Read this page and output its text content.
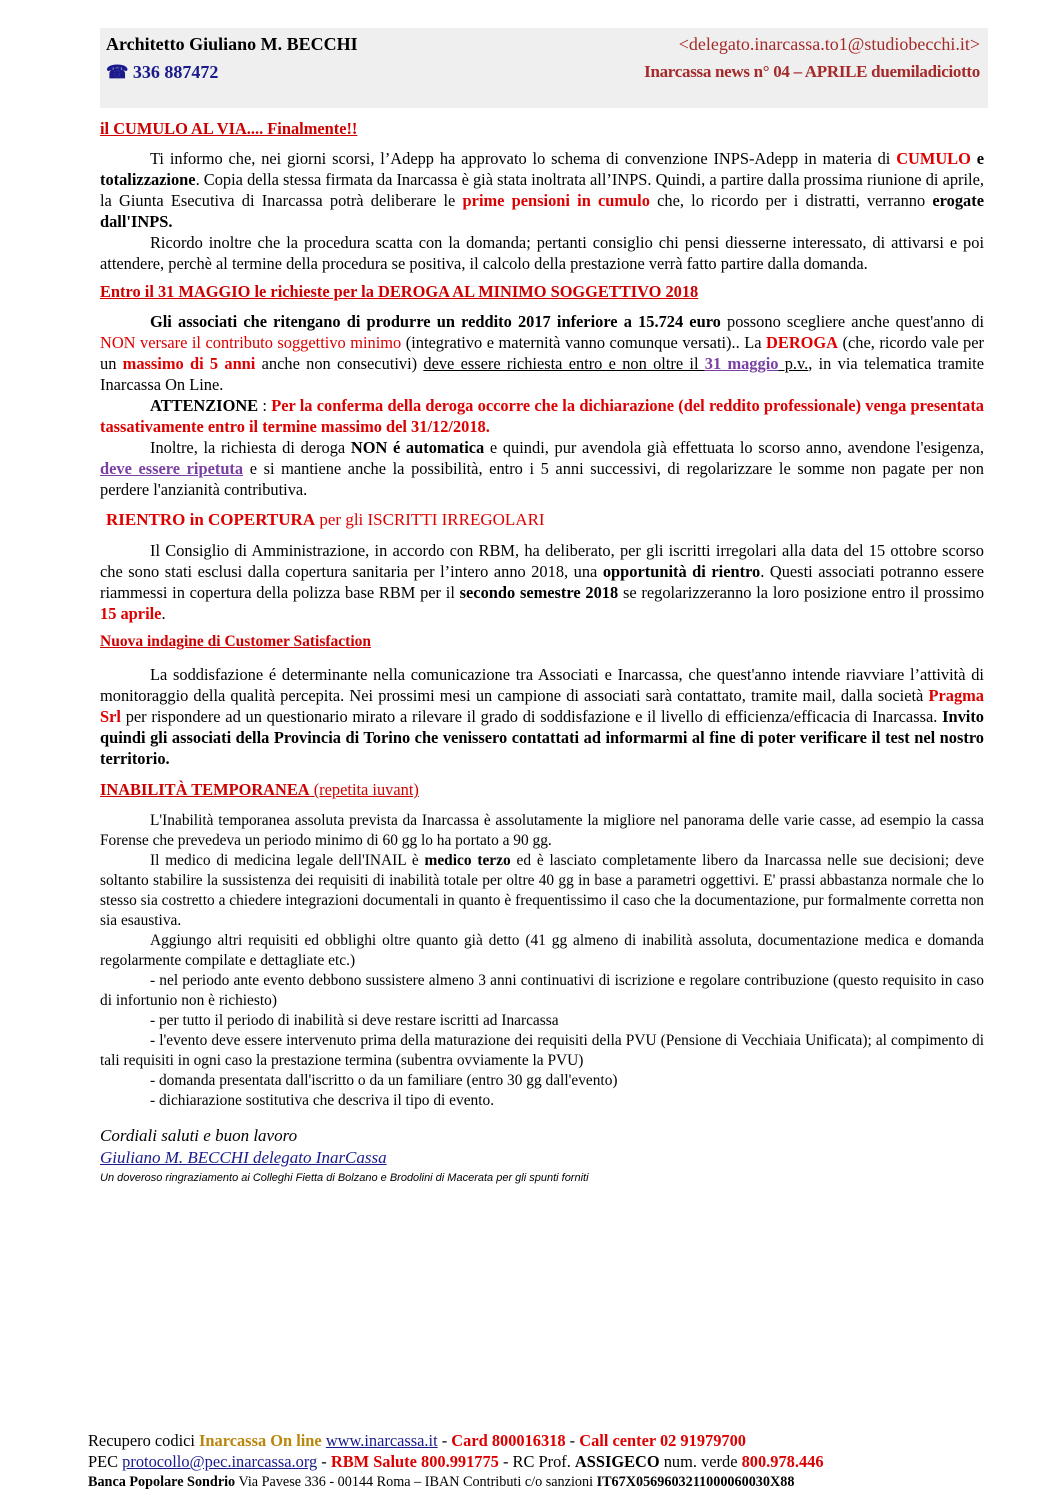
Architetto Giuliano M. BECCHI
☎ 336 887472
<delegato.inarcassa.to1@studiobecchi.it>
Inarcassa news n° 04 – APRILE duemiladiciotto

il CUMULO AL VIA.... Finalmente!!

Ti informo che, nei giorni scorsi, l’Adepp ha approvato lo schema di convenzione INPS-Adepp in materia di CUMULO e totalizzazione. Copia della stessa firmata da Inarcassa è già stata inoltrata all’INPS. Quindi, a partire dalla prossima riunione di aprile, la Giunta Esecutiva di Inarcassa potrà deliberare le prime pensioni in cumulo che, lo ricordo per i distratti, verranno erogate dall'INPS.

Ricordo inoltre che la procedura scatta con la domanda; pertanti consiglio chi pensi diesserne interessato, di attivarsi e poi attendere, perchè al termine della procedura se positiva, il calcolo della prestazione verrà fatto partire dalla domanda.

Entro il 31 MAGGIO le richieste per la DEROGA AL MINIMO SOGGETTIVO 2018

Gli associati che ritengano di produrre un reddito 2017 inferiore a 15.724 euro possono scegliere anche quest'anno di NON versare il contributo soggettivo minimo (integrativo e maternità vanno comunque versati).. La DEROGA (che, ricordo vale per un massimo di 5 anni anche non consecutivi) deve essere richiesta entro e non oltre il 31 maggio p.v., in via telematica tramite Inarcassa On Line.

ATTENZIONE : Per la conferma della deroga occorre che la dichiarazione (del reddito professionale) venga presentata tassativamente entro il termine massimo del 31/12/2018.

Inoltre, la richiesta di deroga NON é automatica e quindi, pur avendola già effettuata lo scorso anno, avendone l'esigenza, deve essere ripetuta e si mantiene anche la possibilità, entro i 5 anni successivi, di regolarizzare le somme non pagate per non perdere l'anzianità contributiva.

RIENTRO in COPERTURA per gli ISCRITTI IRREGOLARI

Il Consiglio di Amministrazione, in accordo con RBM, ha deliberato, per gli iscritti irregolari alla data del 15 ottobre scorso che sono stati esclusi dalla copertura sanitaria per l’intero anno 2018, una opportunità di rientro. Questi associati potranno essere riammessi in copertura della polizza base RBM per il secondo semestre 2018 se regolarizzeranno la loro posizione entro il prossimo 15 aprile.

Nuova indagine di Customer Satisfaction

La soddisfazione é determinante nella comunicazione tra Associati e Inarcassa, che quest'anno intende riavviare l’attività di monitoraggio della qualità percepita. Nei prossimi mesi un campione di associati sarà contattato, tramite mail, dalla società Pragma Srl per rispondere ad un questionario mirato a rilevare il grado di soddisfazione e il livello di efficienza/efficacia di Inarcassa. Invito quindi gli associati della Provincia di Torino che venissero contattati ad informarmi al fine di poter verificare il test nel nostro territorio.

INABILITÀ TEMPORANEA (repetita iuvant)

L'Inabilità temporanea assoluta prevista da Inarcassa è assolutamente la migliore nel panorama delle varie casse, ad esempio la cassa Forense che prevedeva un periodo minimo di 60 gg lo ha portato a 90 gg.

Il medico di medicina legale dell'INAIL è medico terzo ed è lasciato completamente libero da Inarcassa nelle sue decisioni; deve soltanto stabilire la sussistenza dei requisiti di inabilità totale per oltre 40 gg in base a parametri oggettivi. E' prassi abbastanza normale che lo stesso sia costretto a chiedere integrazioni documentali in quanto è frequentissimo il caso che la documentazione, pur formalmente corretta non sia esaustiva.

Aggiungo altri requisiti ed obblighi oltre quanto già detto (41 gg almeno di inabilità assoluta, documentazione medica e domanda regolarmente compilate e dettagliate etc.)

- nel periodo ante evento debbono sussistere almeno 3 anni continuativi di iscrizione e regolare contribuzione (questo requisito in caso di infortunio non è richiesto)

- per tutto il periodo di inabilità si deve restare iscritti ad Inarcassa

- l'evento deve essere intervenuto prima della maturazione dei requisiti della PVU (Pensione di Vecchiaia Unificata); al compimento di tali requisiti in ogni caso la prestazione termina (subentra ovviamente la PVU)

- domanda presentata dall'iscritto o da un familiare (entro 30 gg dall'evento)

- dichiarazione sostitutiva che descriva il tipo di evento.

Cordiali saluti e buon lavoro

Giuliano M. BECCHI delegato InarCassa

Un doveroso ringraziamento ai Colleghi Fietta di Bolzano e Brodolini di Macerata per gli spunti forniti

Recupero codici Inarcassa On line www.inarcassa.it - Card 800016318 - Call center 02 91979700
PEC protocollo@pec.inarcassa.org - RBM Salute 800.991775 - RC Prof. ASSIGECO num. verde 800.978.446
Banca Popolare Sondrio Via Pavese 336 - 00144 Roma – IBAN Contributi c/o sanzioni IT67X0569603211000060030X88
